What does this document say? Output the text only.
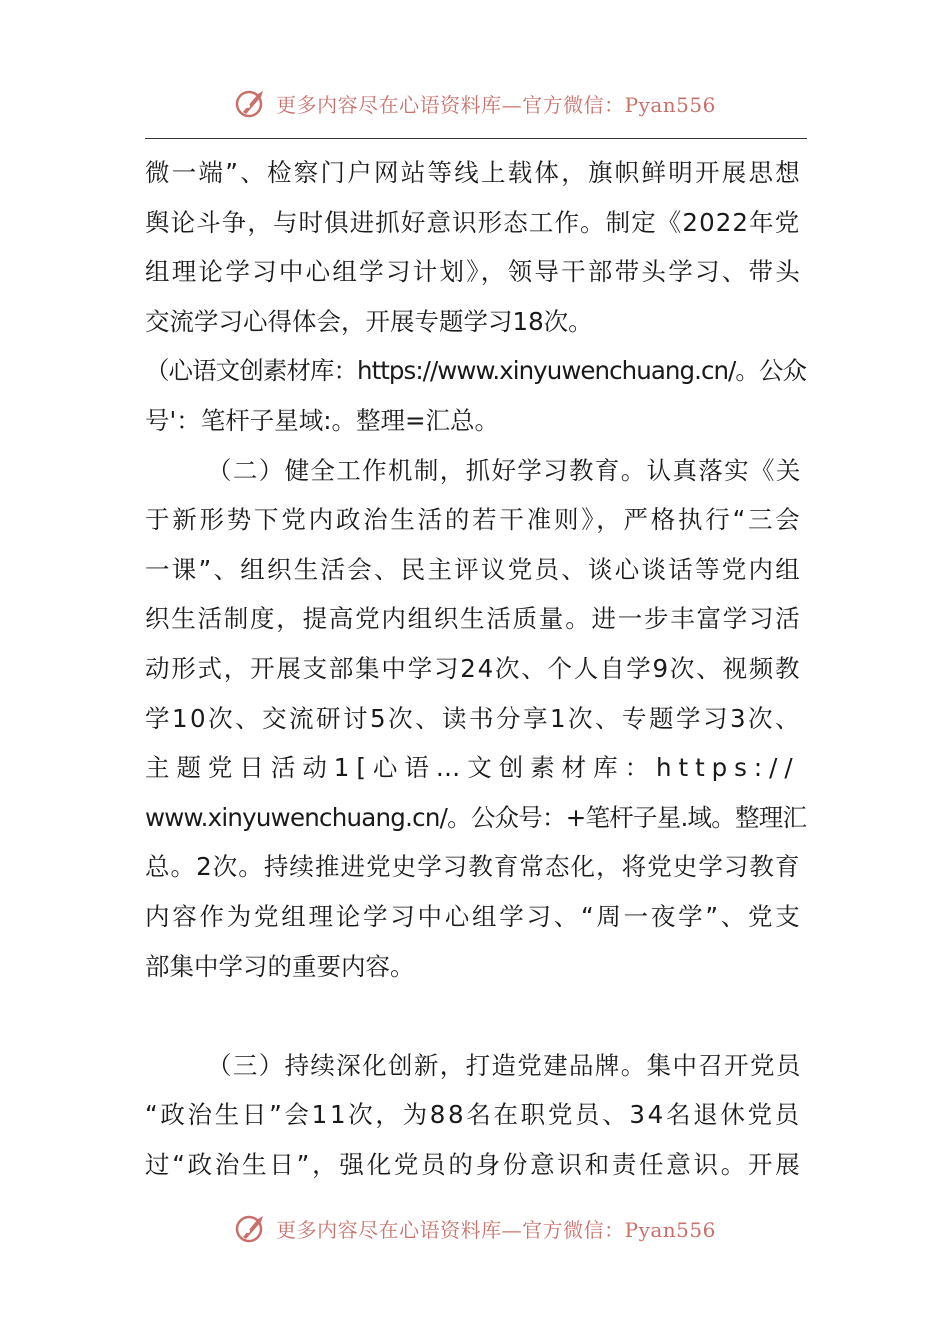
更多内容尽在心语资料库—官方微信：Pyan556
微一端”、检察门户网站等线上载体，旗帜鲜明开展思想
舆论斗争，与时俱进抓好意识形态工作。制定《2022年党
组理论学习中心组学习计划》，领导干部带头学习、带头
交流学习心得体会，开展专题学习18次。
（心语文创素材库：https://www.xinyuwenchuang.cn/。公众
号'：笔杆子星域:。整理=汇总。
（二）健全工作机制，抓好学习教育。认真落实《关
于新形势下党内政治生活的若干准则》，严格执行“三会
一课”、组织生活会、民主评议党员、谈心谈话等党内组
织生活制度，提高党内组织生活质量。进一步丰富学习活
动形式，开展支部集中学习24次、个人自学9次、视频教
学10次、交流研讨5次、读书分享1次、专题学习3次、
主题党日活动1[心语…文创素材库：https://
www.xinyuwenchuang.cn/。公众号：+笔杆子星.域。整理汇
总。2次。持续推进党史学习教育常态化，将党史学习教育
内容作为党组理论学习中心组学习、“周一夜学”、党支
部集中学习的重要内容。
（三）持续深化创新，打造党建品牌。集中召开党员
“政治生日”会11次，为88名在职党员、34名退休党员
过“政治生日”，强化党员的身份意识和责任意识。开展
更多内容尽在心语资料库—官方微信：Pyan556
